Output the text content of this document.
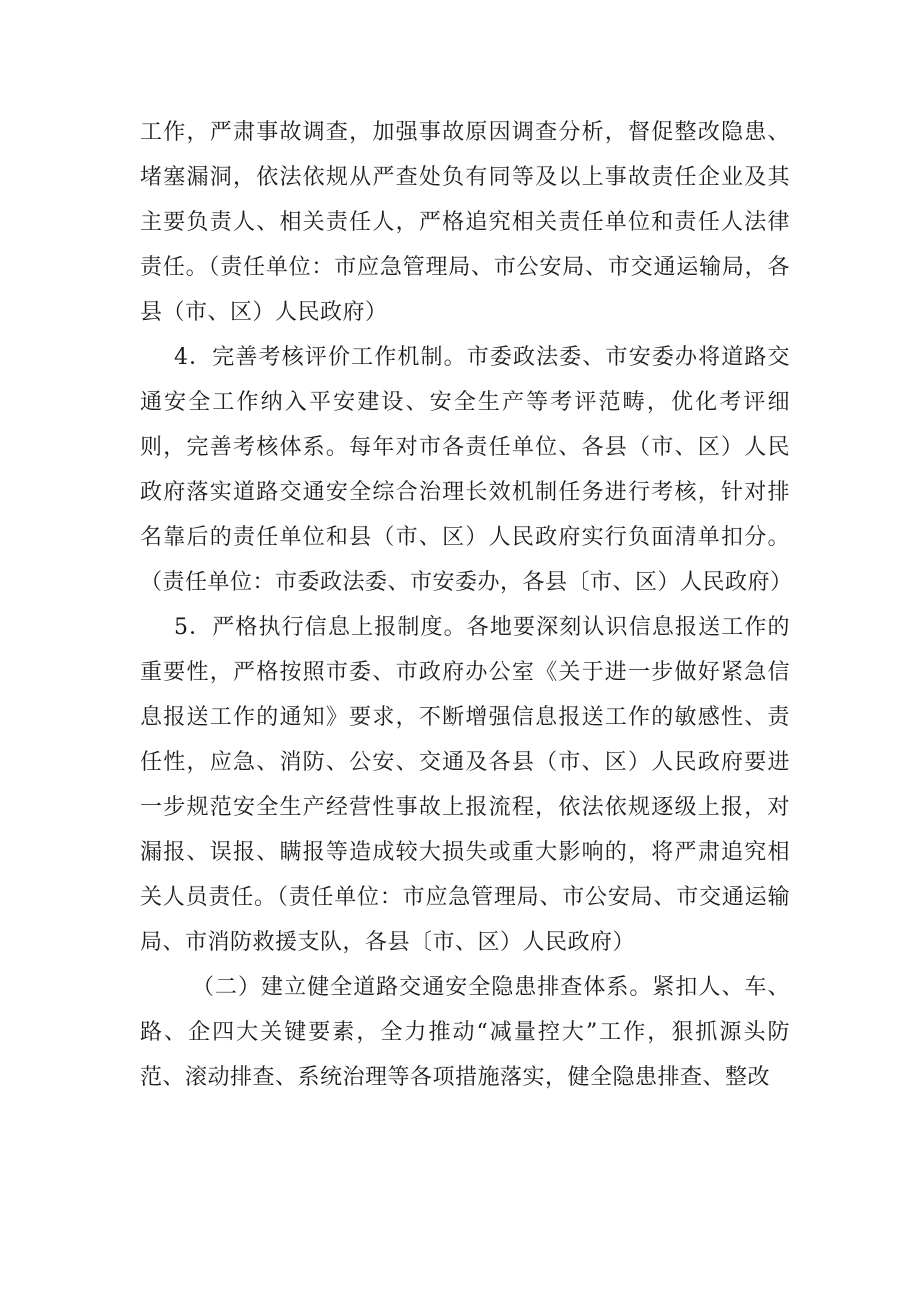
工作，严肃事故调查，加强事故原因调查分析，督促整改隐患、堵塞漏洞，依法依规从严查处负有同等及以上事故责任企业及其主要负责人、相关责任人，严格追究相关责任单位和责任人法律责任。（责任单位：市应急管理局、市公安局、市交通运输局，各县（市、区）人民政府）

4．完善考核评价工作机制。市委政法委、市安委办将道路交通安全工作纳入平安建设、安全生产等考评范畴，优化考评细则，完善考核体系。每年对市各责任单位、各县（市、区）人民政府落实道路交通安全综合治理长效机制任务进行考核，针对排名靠后的责任单位和县（市、区）人民政府实行负面清单扣分。（责任单位：市委政法委、市安委办，各县〔市、区）人民政府）

5．严格执行信息上报制度。各地要深刻认识信息报送工作的重要性，严格按照市委、市政府办公室《关于进一步做好紧急信息报送工作的通知》要求，不断增强信息报送工作的敏感性、责任性，应急、消防、公安、交通及各县（市、区）人民政府要进一步规范安全生产经营性事故上报流程，依法依规逐级上报，对漏报、误报、瞒报等造成较大损失或重大影响的，将严肃追究相关人员责任。（责任单位：市应急管理局、市公安局、市交通运输局、市消防救援支队，各县〔市、区）人民政府）

（二）建立健全道路交通安全隐患排查体系。紧扣人、车、路、企四大关键要素，全力推动“减量控大”工作，狠抓源头防范、滚动排查、系统治理等各项措施落实，健全隐患排查、整改
